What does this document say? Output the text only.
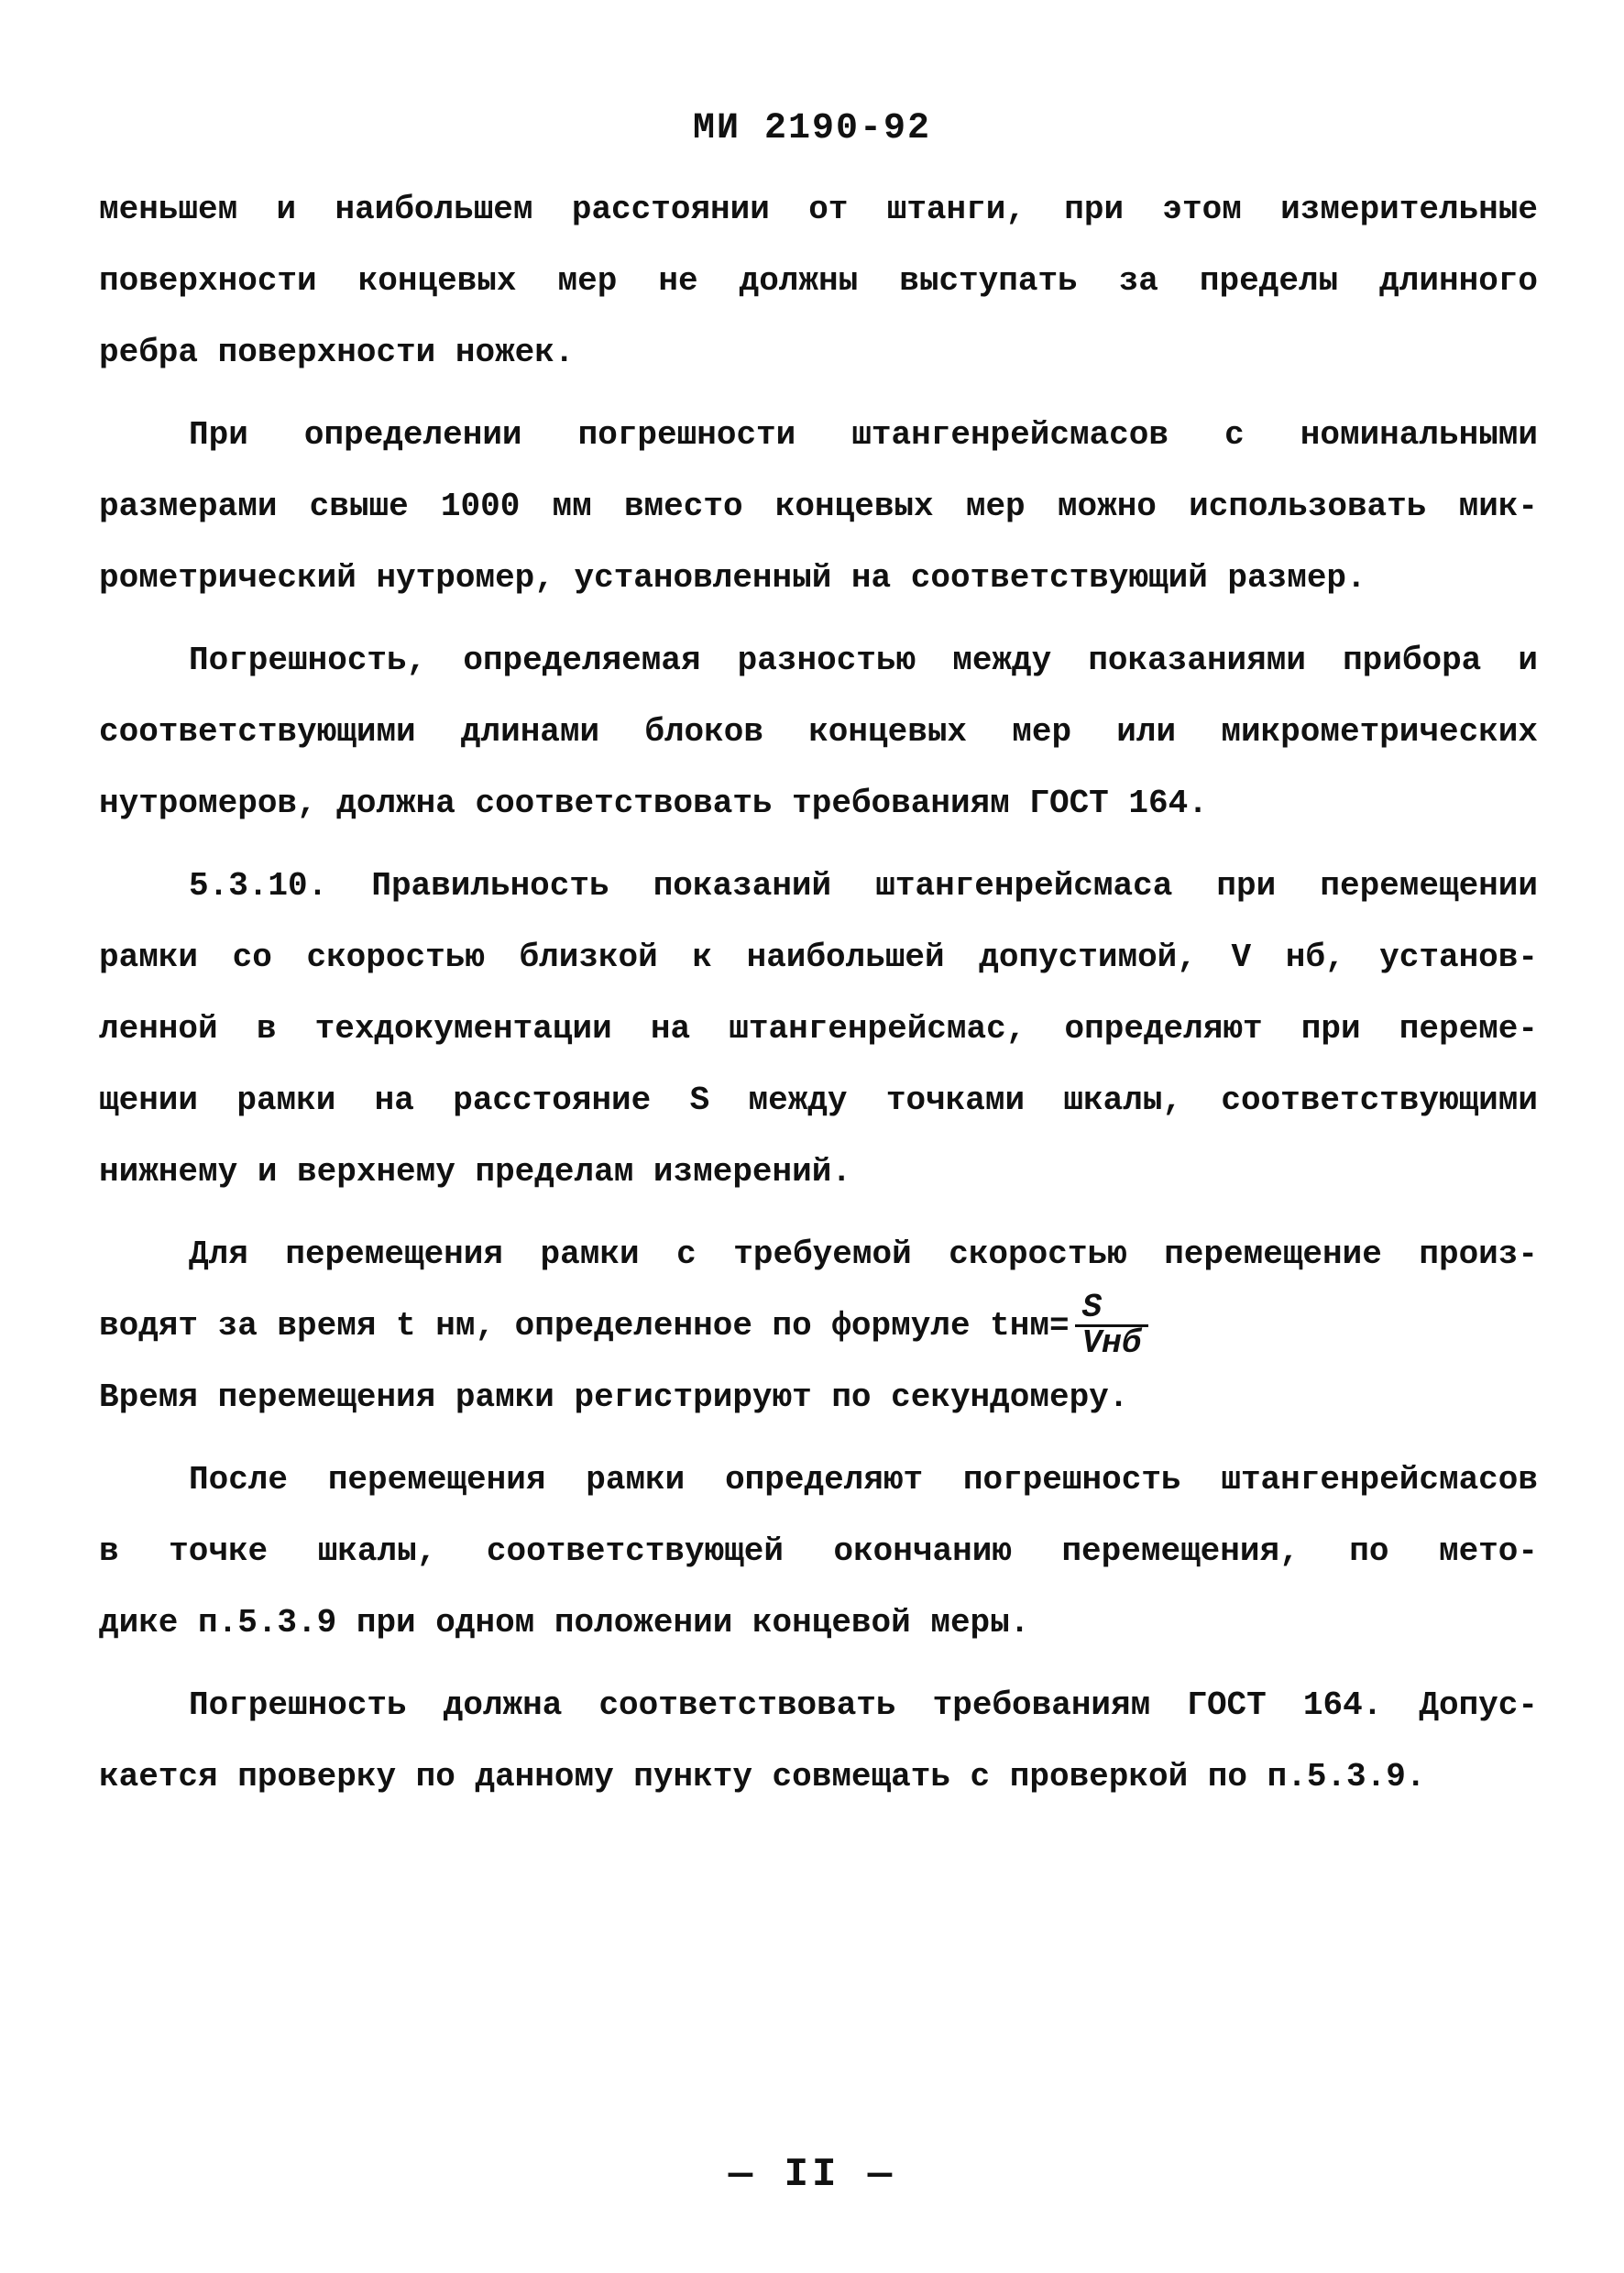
МИ 2190-92
меньшем и наибольшем расстоянии от штанги, при этом измерительные
поверхности концевых мер не должны выступать за пределы длинного
ребра поверхности ножек.
При определении погрешности штангенрейсмасов с номинальными
размерами свыше 1000 мм вместо концевых мер можно использовать мик-
рометрический нутромер, установленный на соответствующий размер.
Погрешность, определяемая разностью между показаниями прибора и
соответствующими длинами блоков концевых мер или микрометрических
нутромеров, должна соответствовать требованиям ГОСТ 164.
5.3.10. Правильность показаний штангенрейсмаса при перемещении
рамки со скоростью близкой к наибольшей допустимой, V нб, установ-
ленной в техдокументации на штангенрейсмас, определяют при переме-
щении рамки на расстояние S между точками шкалы, соответствующими
нижнему и верхнему пределам измерений.
Для перемещения рамки с требуемой скоростью перемещение произ-
водят за время t нм, определенное по формуле $tнм= \frac{S}{\text{Vнб}}$
Время перемещения рамки регистрируют по секундомеру.
После перемещения рамки определяют погрешность штангенрейсмасов
в точке шкалы, соответствующей окончанию перемещения, по мето-
дике п.5.3.9 при одном положении концевой меры.
Погрешность должна соответствовать требованиям ГОСТ 164. Допус-
кается проверку по данному пункту совмещать с проверкой по п.5.3.9.
— II —
